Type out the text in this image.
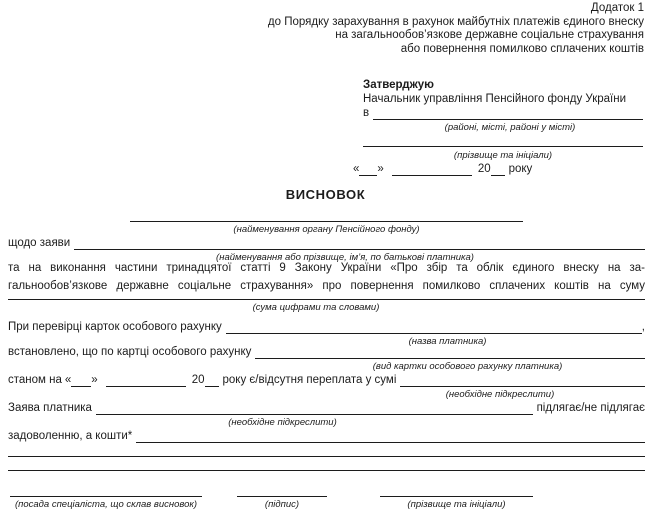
Додаток 1
до Порядку зарахування в рахунок майбутніх платежів єдиного внеску
на загальнообов’язкове державне соціальне страхування
або повернення помилково сплачених коштів
Затверджую
Начальник управління Пенсійного фонду України
в
(районі, місті, районі у місті)
(прізвище та ініціали)
« »	20 року
ВИСНОВОК
(найменування органу Пенсійного фонду)
щодо заяви
(найменування або прізвище, ім’я, по батькові платника)
та на виконання частини тринадцятої статті 9 Закону України «Про збір та облік єдиного внеску на за-
гальнообов’язкове державне соціальне страхування» про повернення помилково сплачених коштів на суму
(сума цифрами та словами)
При перевірці карток особового рахунку	,
(назва платника)
встановлено, що по картці особового рахунку
(вид картки особового рахунку платника)
станом на « »	20 року є/відсутня переплата у сумі
(необхідне підкреслити)
Заява платника	підлягає/не підлягає
(необхідне підкреслити)
задоволенню, а кошти*
(посада спеціаліста, що склав висновок)	(підпис)	(прізвище та ініціали)
